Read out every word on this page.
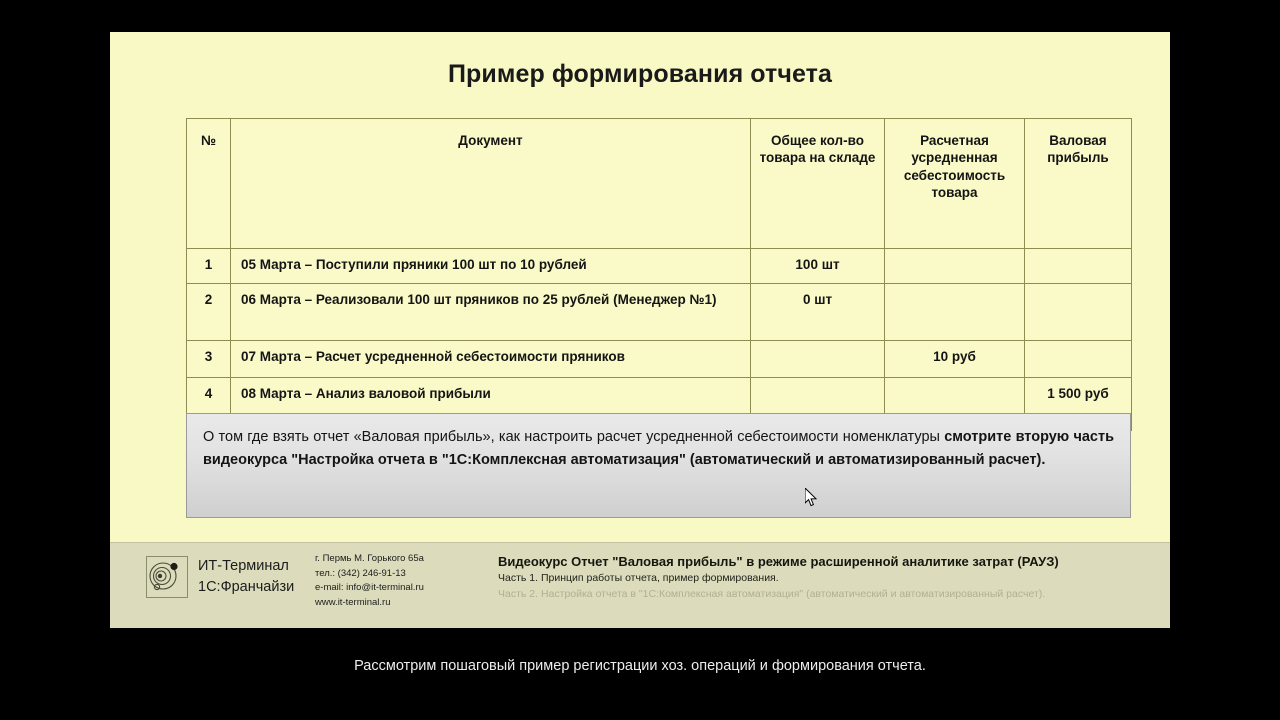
Пример формирования отчета
№	Документ	Общее кол-во товара на складе	Расчетная усредненная себестоимость товара	Валовая прибыль
1	05 Марта – Поступили пряники 100 шт по 10 рублей	100 шт		
2	06 Марта – Реализовали 100 шт пряников по 25 рублей (Менеджер №1)	0 шт		
3	07 Марта – Расчет усредненной себестоимости пряников		10 руб	
4	08 Марта – Анализ валовой прибыли			1 500 руб

О том где взять отчет «Валовая прибыль», как настроить расчет усредненной себестоимости номенклатуры смотрите вторую часть видеокурса "Настройка отчета в "1С:Комплексная автоматизация" (автоматический и автоматизированный расчет).

ИТ-Терминал
1С:Франчайзи
г. Пермь М. Горького 65а
тел.: (342) 246-91-13
e-mail: info@it-terminal.ru
www.it-terminal.ru
Видеокурс Отчет "Валовая прибыль" в режиме расширенной аналитике затрат (РАУЗ)
Часть 1. Принцип работы отчета, пример формирования.
Часть 2. Настройка отчета в "1С:Комплексная автоматизация" (автоматический и автоматизированный расчет).
Рассмотрим пошаговый пример регистрации хоз. операций и формирования отчета.
